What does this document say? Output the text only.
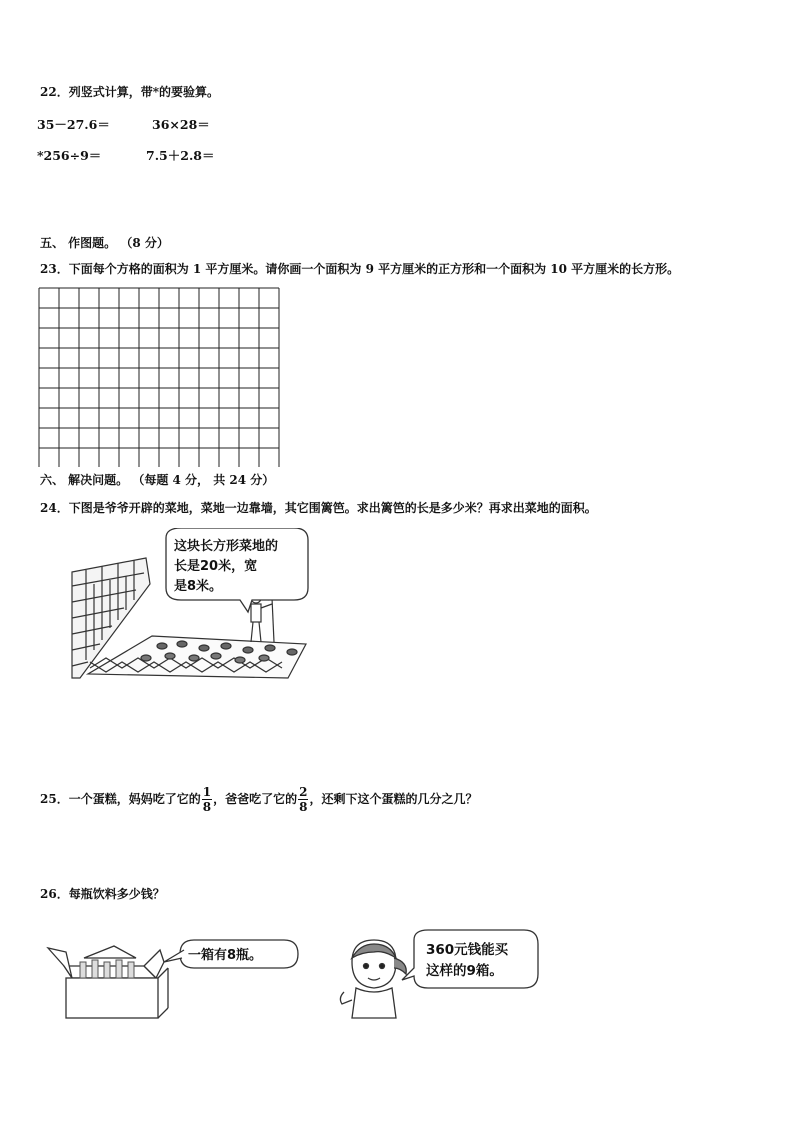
22．列竖式计算，带*的要验算。
35－27.6＝	36×28＝
*256÷9＝	7.5＋2.8＝
五、 作图题。 （8 分）
23．下面每个方格的面积为 1 平方厘米。请你画一个面积为 9 平方厘米的正方形和一个面积为 10 平方厘米的长方形。
六、 解决问题。 （每题 4 分， 共 24 分）
24．下图是爷爷开辟的菜地，菜地一边靠墙，其它围篱笆。求出篱笆的长是多少米？再求出菜地的面积。
这块长方形菜地的
长是20米，宽
是8米。
25．一个蛋糕，妈妈吃了它的 $\frac{1}{8}$ ，爸爸吃了它的 $\frac{2}{8}$ ，还剩下这个蛋糕的几分之几？
26．每瓶饮料多少钱？
一箱有8瓶。	360元钱能买
这样的9箱。
